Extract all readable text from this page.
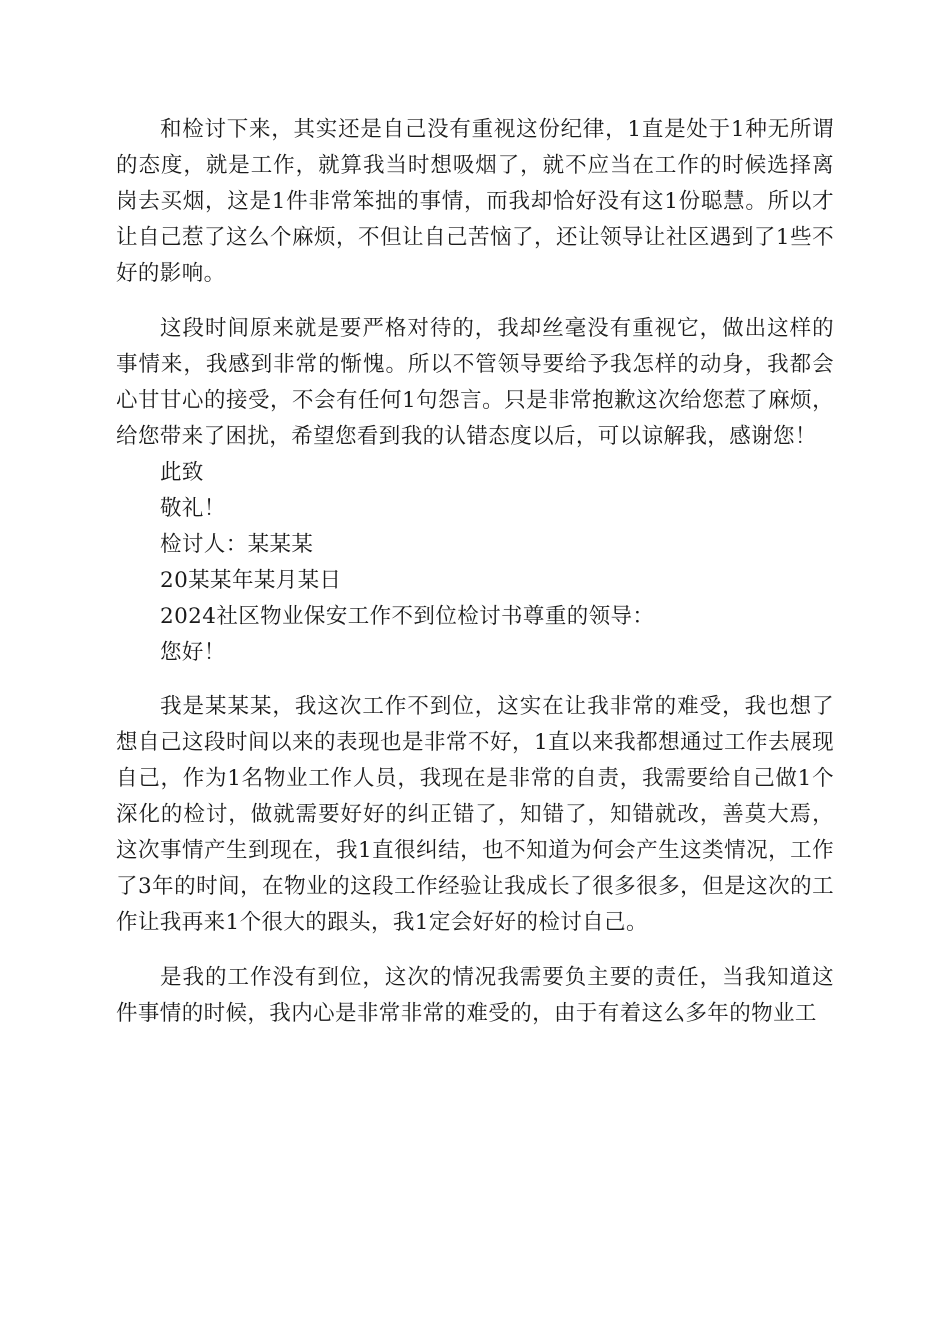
和检讨下来，其实还是自己没有重视这份纪律，1直是处于1种无所谓的态度，就是工作，就算我当时想吸烟了，就不应当在工作的时候选择离岗去买烟，这是1件非常笨拙的事情，而我却恰好没有这1份聪慧。所以才让自己惹了这么个麻烦，不但让自己苦恼了，还让领导让社区遇到了1些不好的影响。

这段时间原来就是要严格对待的，我却丝毫没有重视它，做出这样的事情来，我感到非常的惭愧。所以不管领导要给予我怎样的动身，我都会心甘甘心的接受，不会有任何1句怨言。只是非常抱歉这次给您惹了麻烦，给您带来了困扰，希望您看到我的认错态度以后，可以谅解我，感谢您！

此致

敬礼！

检讨人：某某某

20某某年某月某日

2024社区物业保安工作不到位检讨书尊重的领导：

您好！

我是某某某，我这次工作不到位，这实在让我非常的难受，我也想了想自己这段时间以来的表现也是非常不好，1直以来我都想通过工作去展现自己，作为1名物业工作人员，我现在是非常的自责，我需要给自己做1个深化的检讨，做就需要好好的纠正错了，知错了，知错就改，善莫大焉，这次事情产生到现在，我1直很纠结，也不知道为何会产生这类情况，工作了3年的时间，在物业的这段工作经验让我成长了很多很多，但是这次的工作让我再来1个很大的跟头，我1定会好好的检讨自己。

是我的工作没有到位，这次的情况我需要负主要的责任，当我知道这件事情的时候，我内心是非常非常的难受的，由于有着这么多年的物业工
